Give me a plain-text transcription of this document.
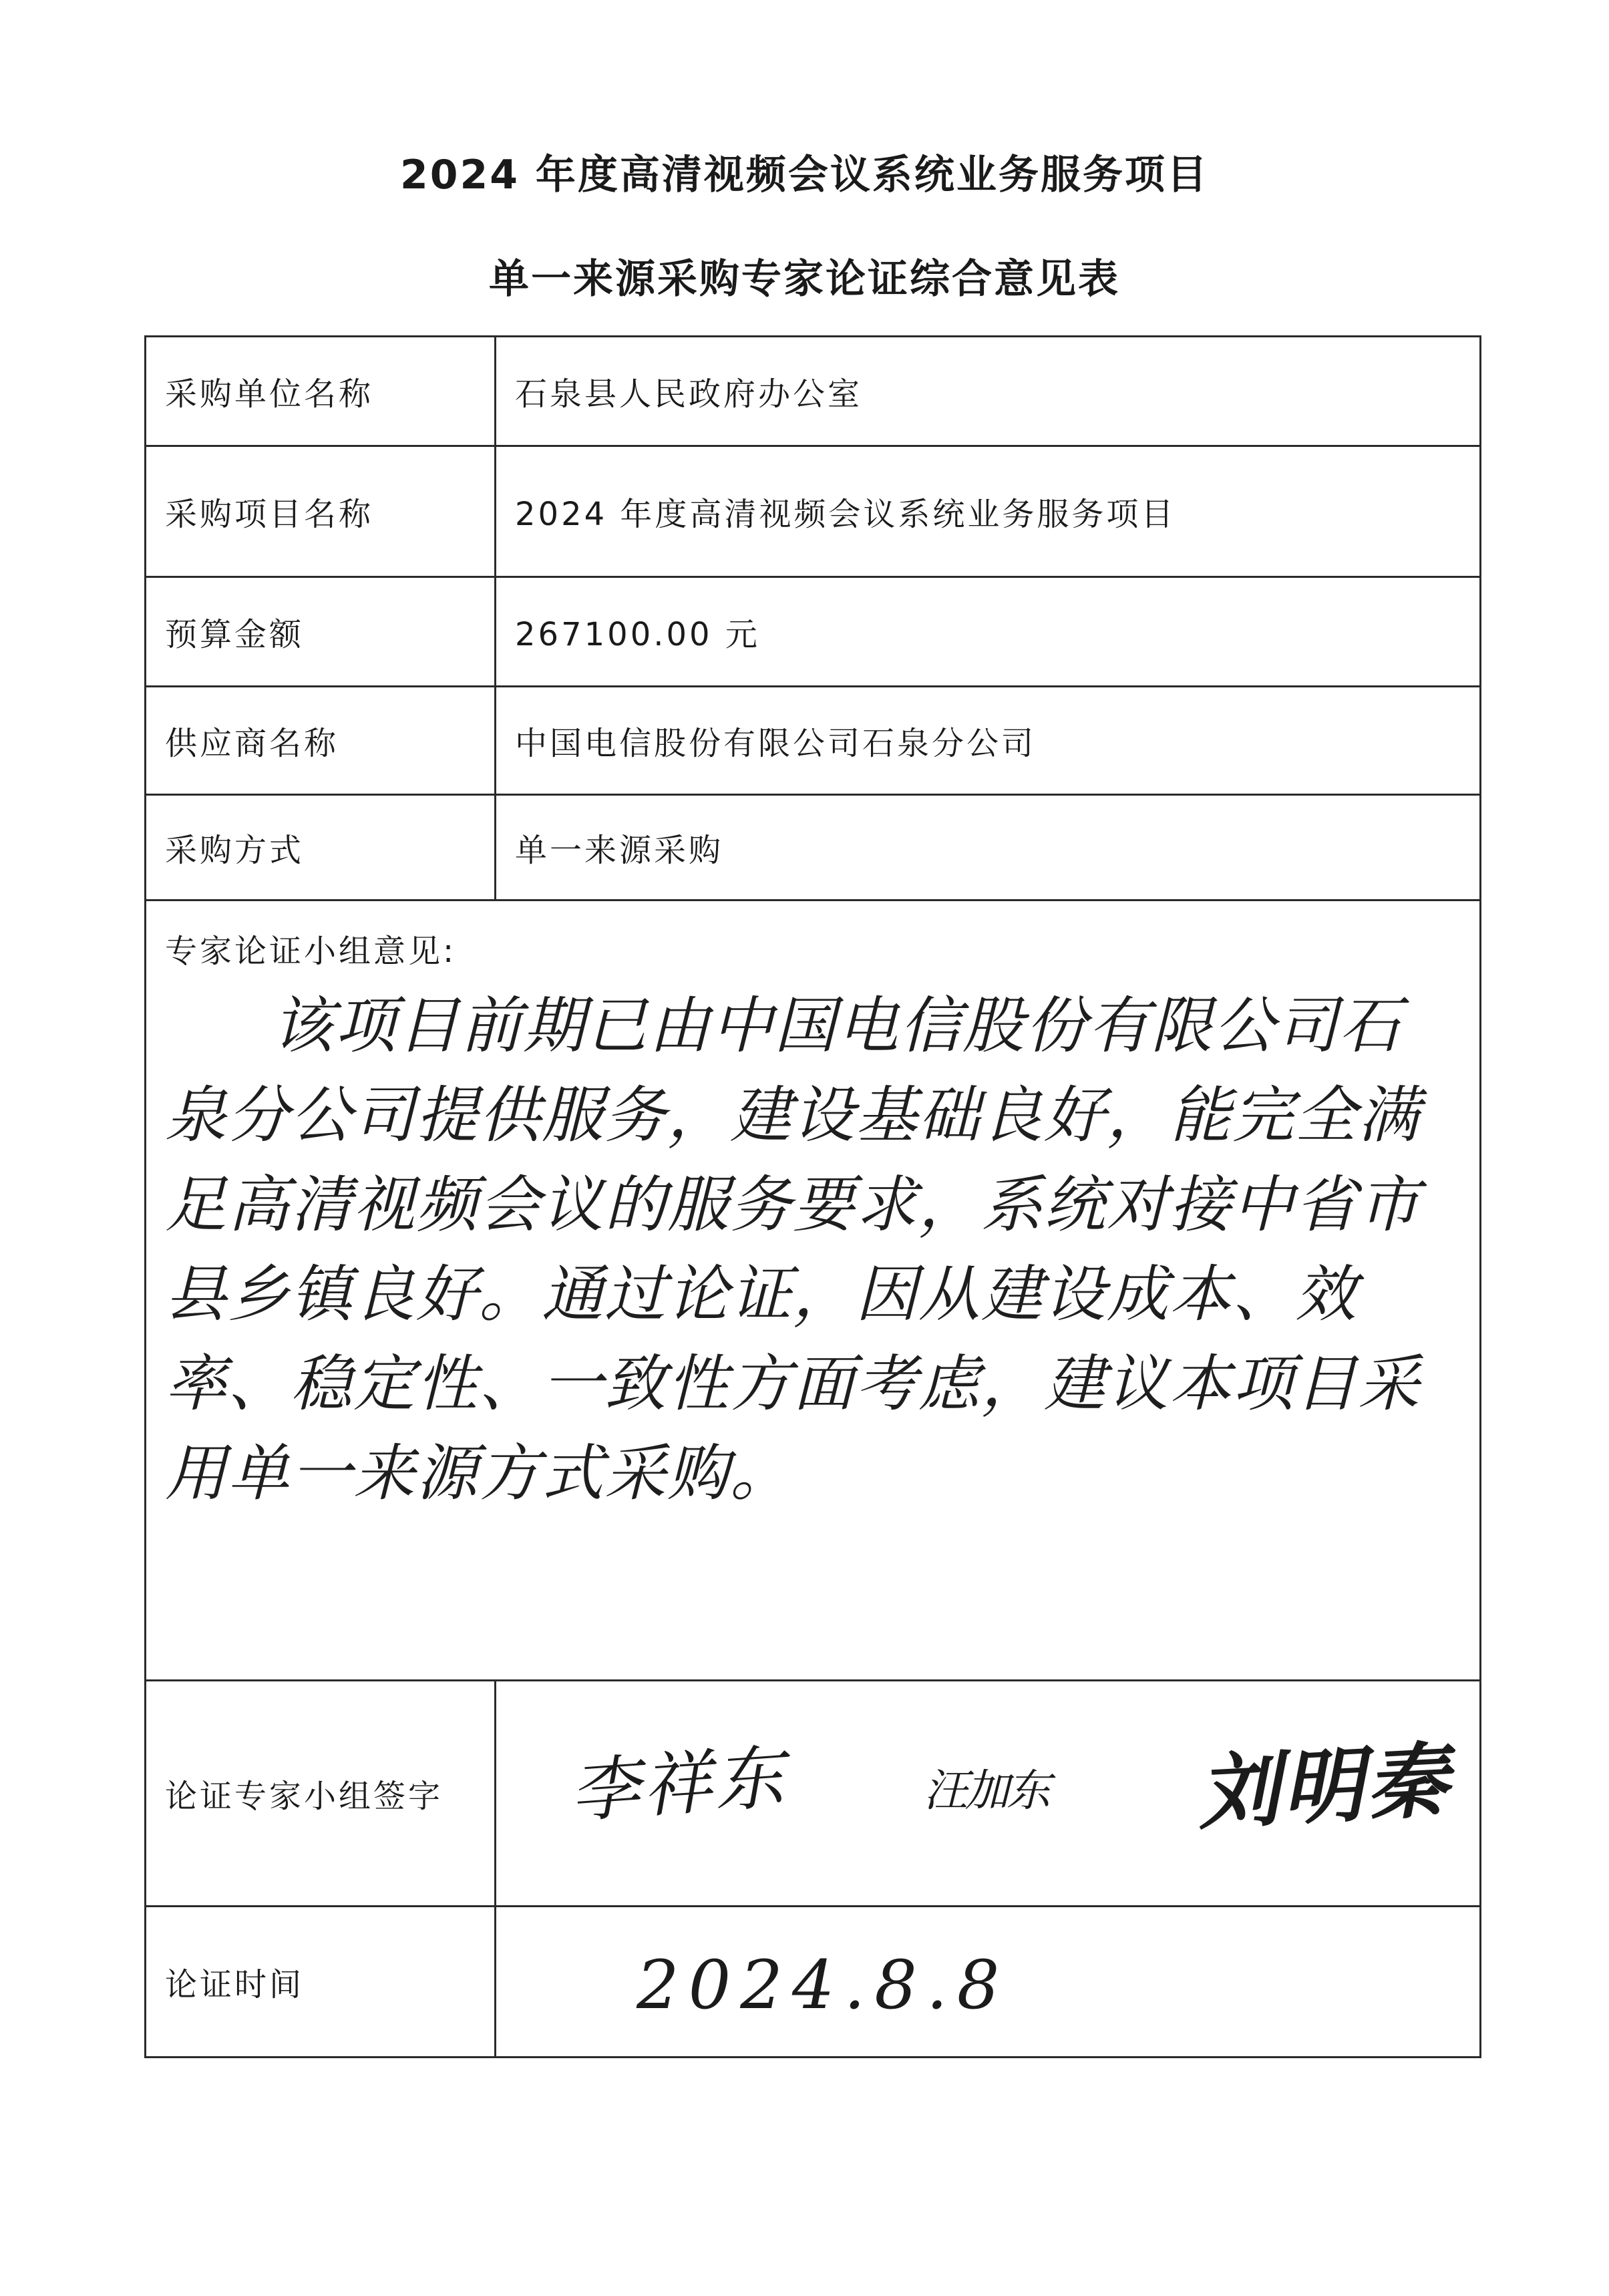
2024 年度高清视频会议系统业务服务项目
单一来源采购专家论证综合意见表
采购单位名称	石泉县人民政府办公室
采购项目名称	2024 年度高清视频会议系统业务服务项目
预算金额	267100.00 元
供应商名称	中国电信股份有限公司石泉分公司
采购方式	单一来源采购

专家论证小组意见:
该项目前期已由中国电信股份有限公司石泉分公司提供服务，建设基础良好，能完全满足高清视频会议的服务要求，系统对接中省市县乡镇良好。通过论证，因从建设成本、效率、稳定性、一致性方面考虑，建议本项目采用单一来源方式采购。	

论证专家小组签字	李祥东 汪加东 刘明秦

论证时间	2024.8.8
